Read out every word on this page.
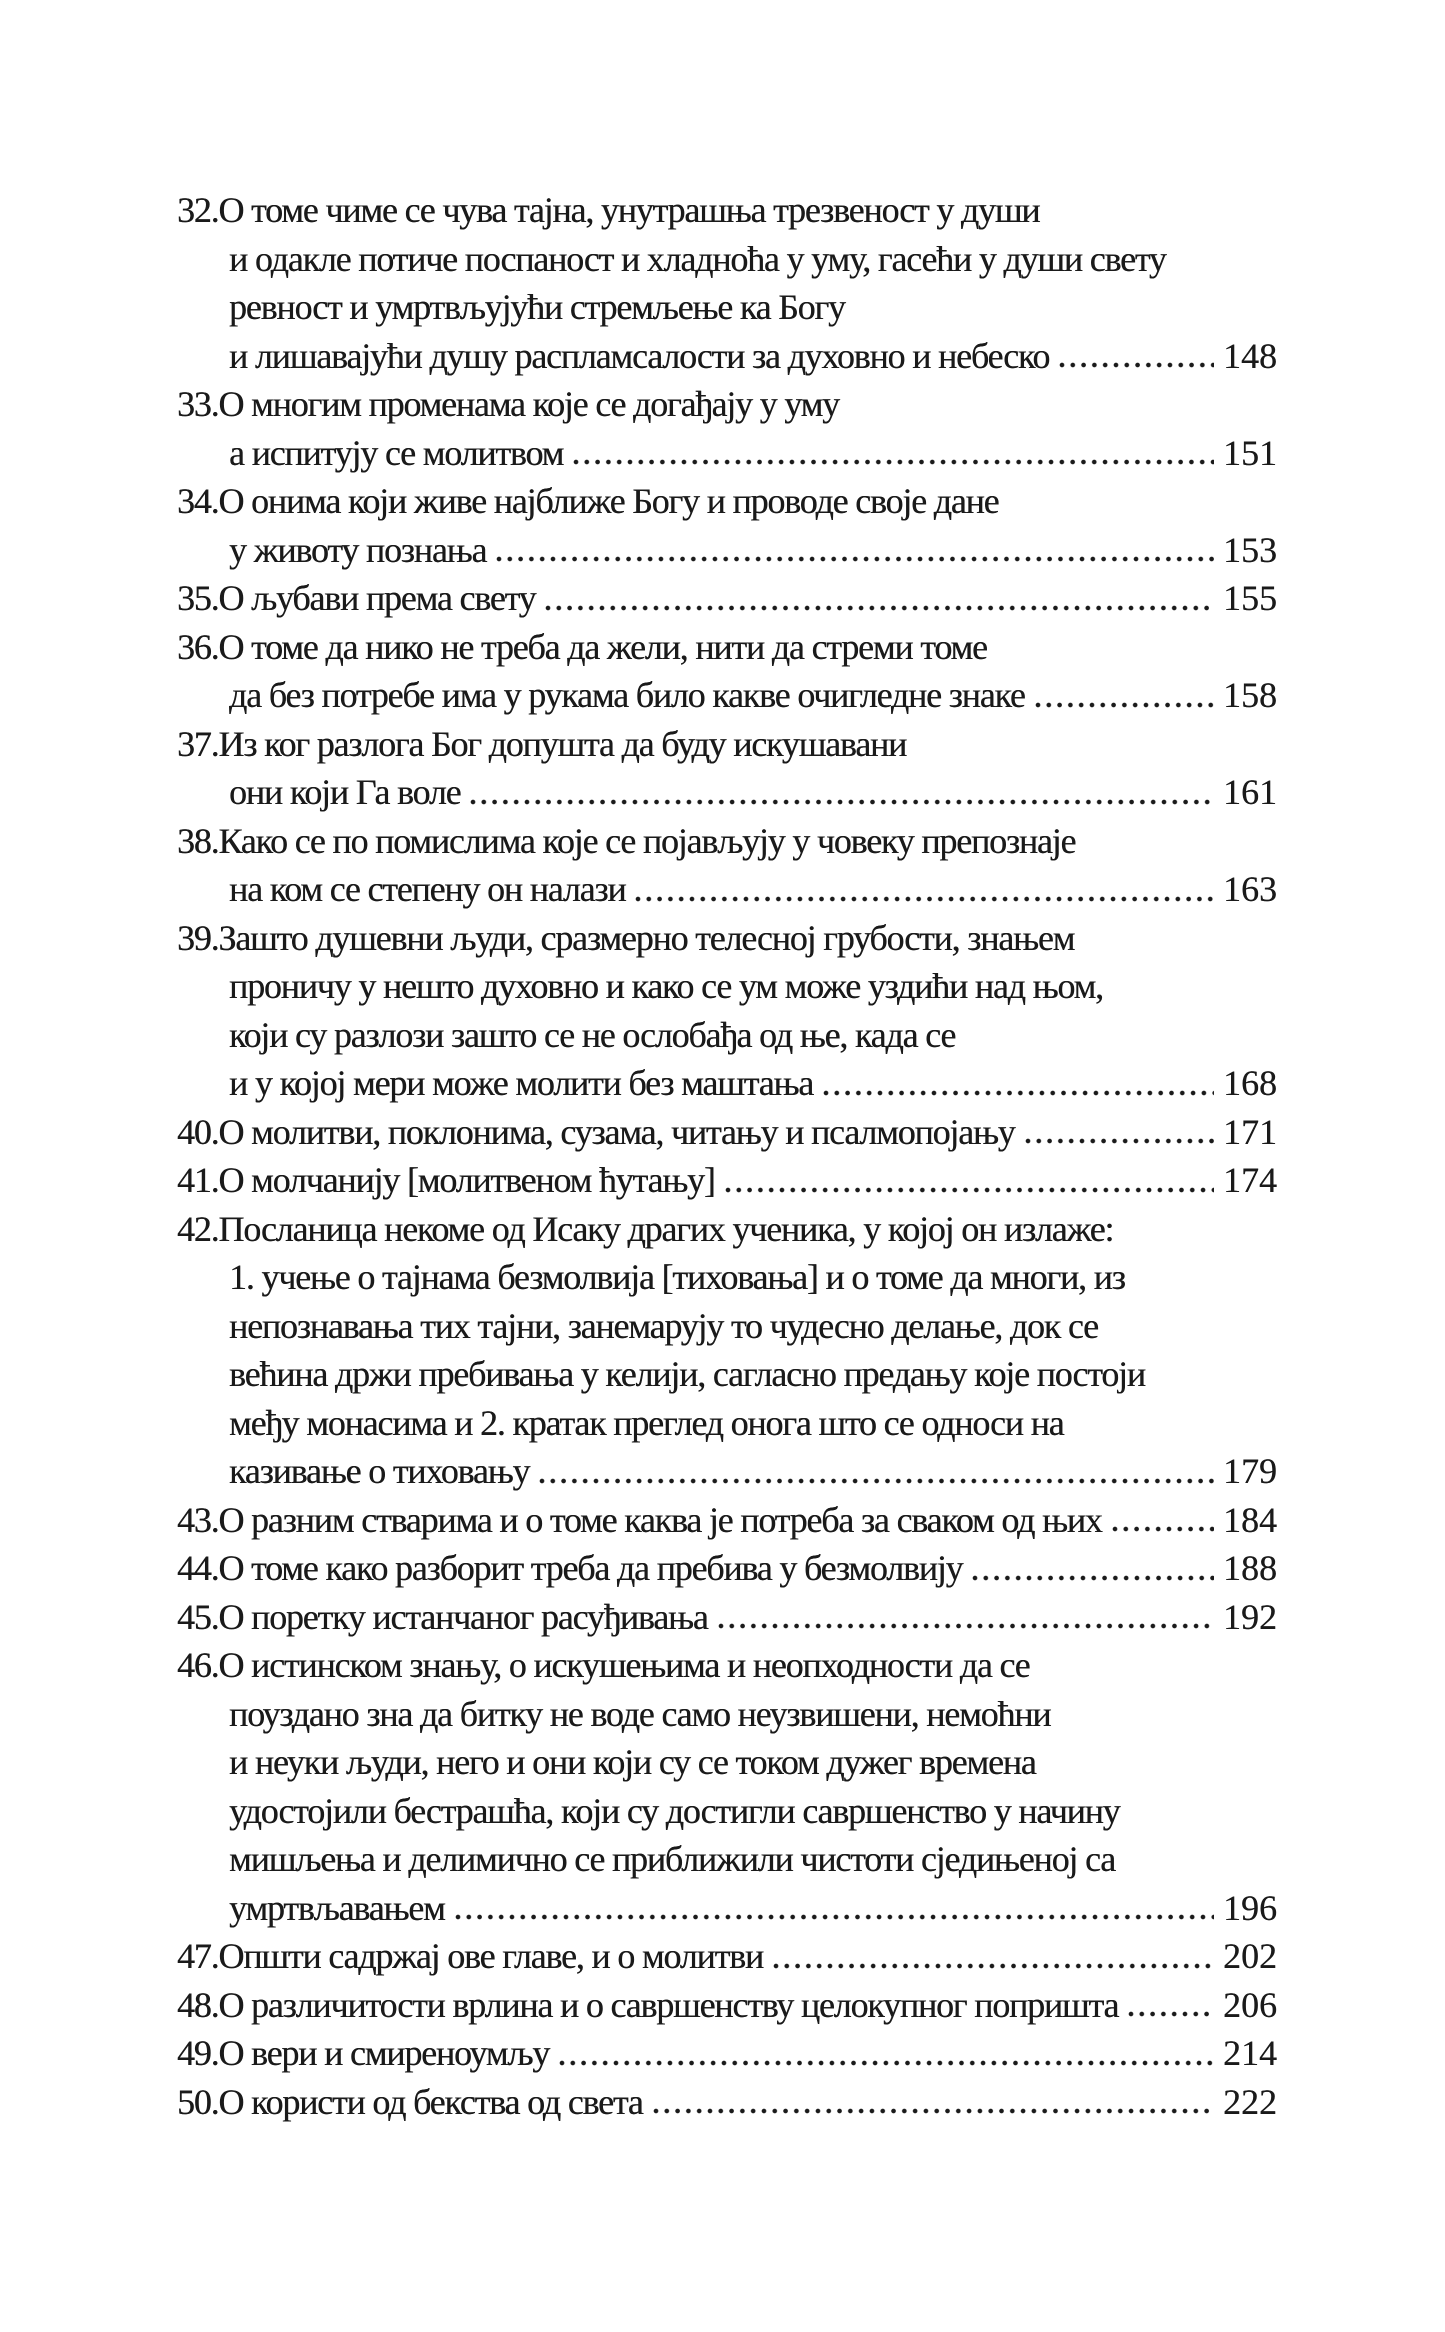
32. О томе чиме се чува тајна, унутрашња трезвеност у души
и одакле потиче поспаност и хладноћа у уму, гасећи у души свету
ревност и умртвљујући стремљење ка Богу
и лишавајући душу распламсалости за духовно и небеско	148
33. О многим променама које се догађају у уму
а испитују се молитвом	151
34. О онима који живе најближе Богу и проводе своје дане
у животу познања	153
35. О љубави према свету	155
36. О томе да нико не треба да жели, нити да стреми томе
да без потребе има у рукама било какве очигледне знаке	158
37. Из ког разлога Бог допушта да буду искушавани
они који Га воле	161
38. Како се по помислима које се појављују у човеку препознаје
на ком се степену он налази	163
39. Зашто душевни људи, сразмерно телесној грубости, знањем
проничу у нешто духовно и како се ум може уздићи над њом,
који су разлози зашто се не ослобађа од ње, када се
и у којој мери може молити без маштања	168
40. О молитви, поклонима, сузама, читању и псалмопојању	171
41. О молчанију [молитвеном ћутању]	174
42. Посланица некоме од Исаку драгих ученика, у којој он излаже:
1. учење о тајнама безмолвија [тиховања] и о томе да многи, из
непознавања тих тајни, занемарују то чудесно делање, док се
већина држи пребивања у келији, сагласно предању које постоји
међу монасима и 2. кратак преглед онога што се односи на
казивање о тиховању	179
43. О разним стварима и о томе каква је потреба за сваком од њих	184
44. О томе како разборит треба да пребива у безмолвију	188
45. О поретку истанчаног расуђивања	192
46. О истинском знању, о искушењима и неопходности да се
поуздано зна да битку не воде само неузвишени, немоћни
и неуки људи, него и они који су се током дужег времена
удостојили бестрашћа, који су достигли савршенство у начину
мишљења и делимично се приближили чистоти сједињеној са
умртвљавањем	196
47. Општи садржај ове главе, и о молитви	202
48. О различитости врлина и о савршенству целокупног попришта	206
49. О вери и смиреноумљу	214
50. О користи од бекства од света	222
